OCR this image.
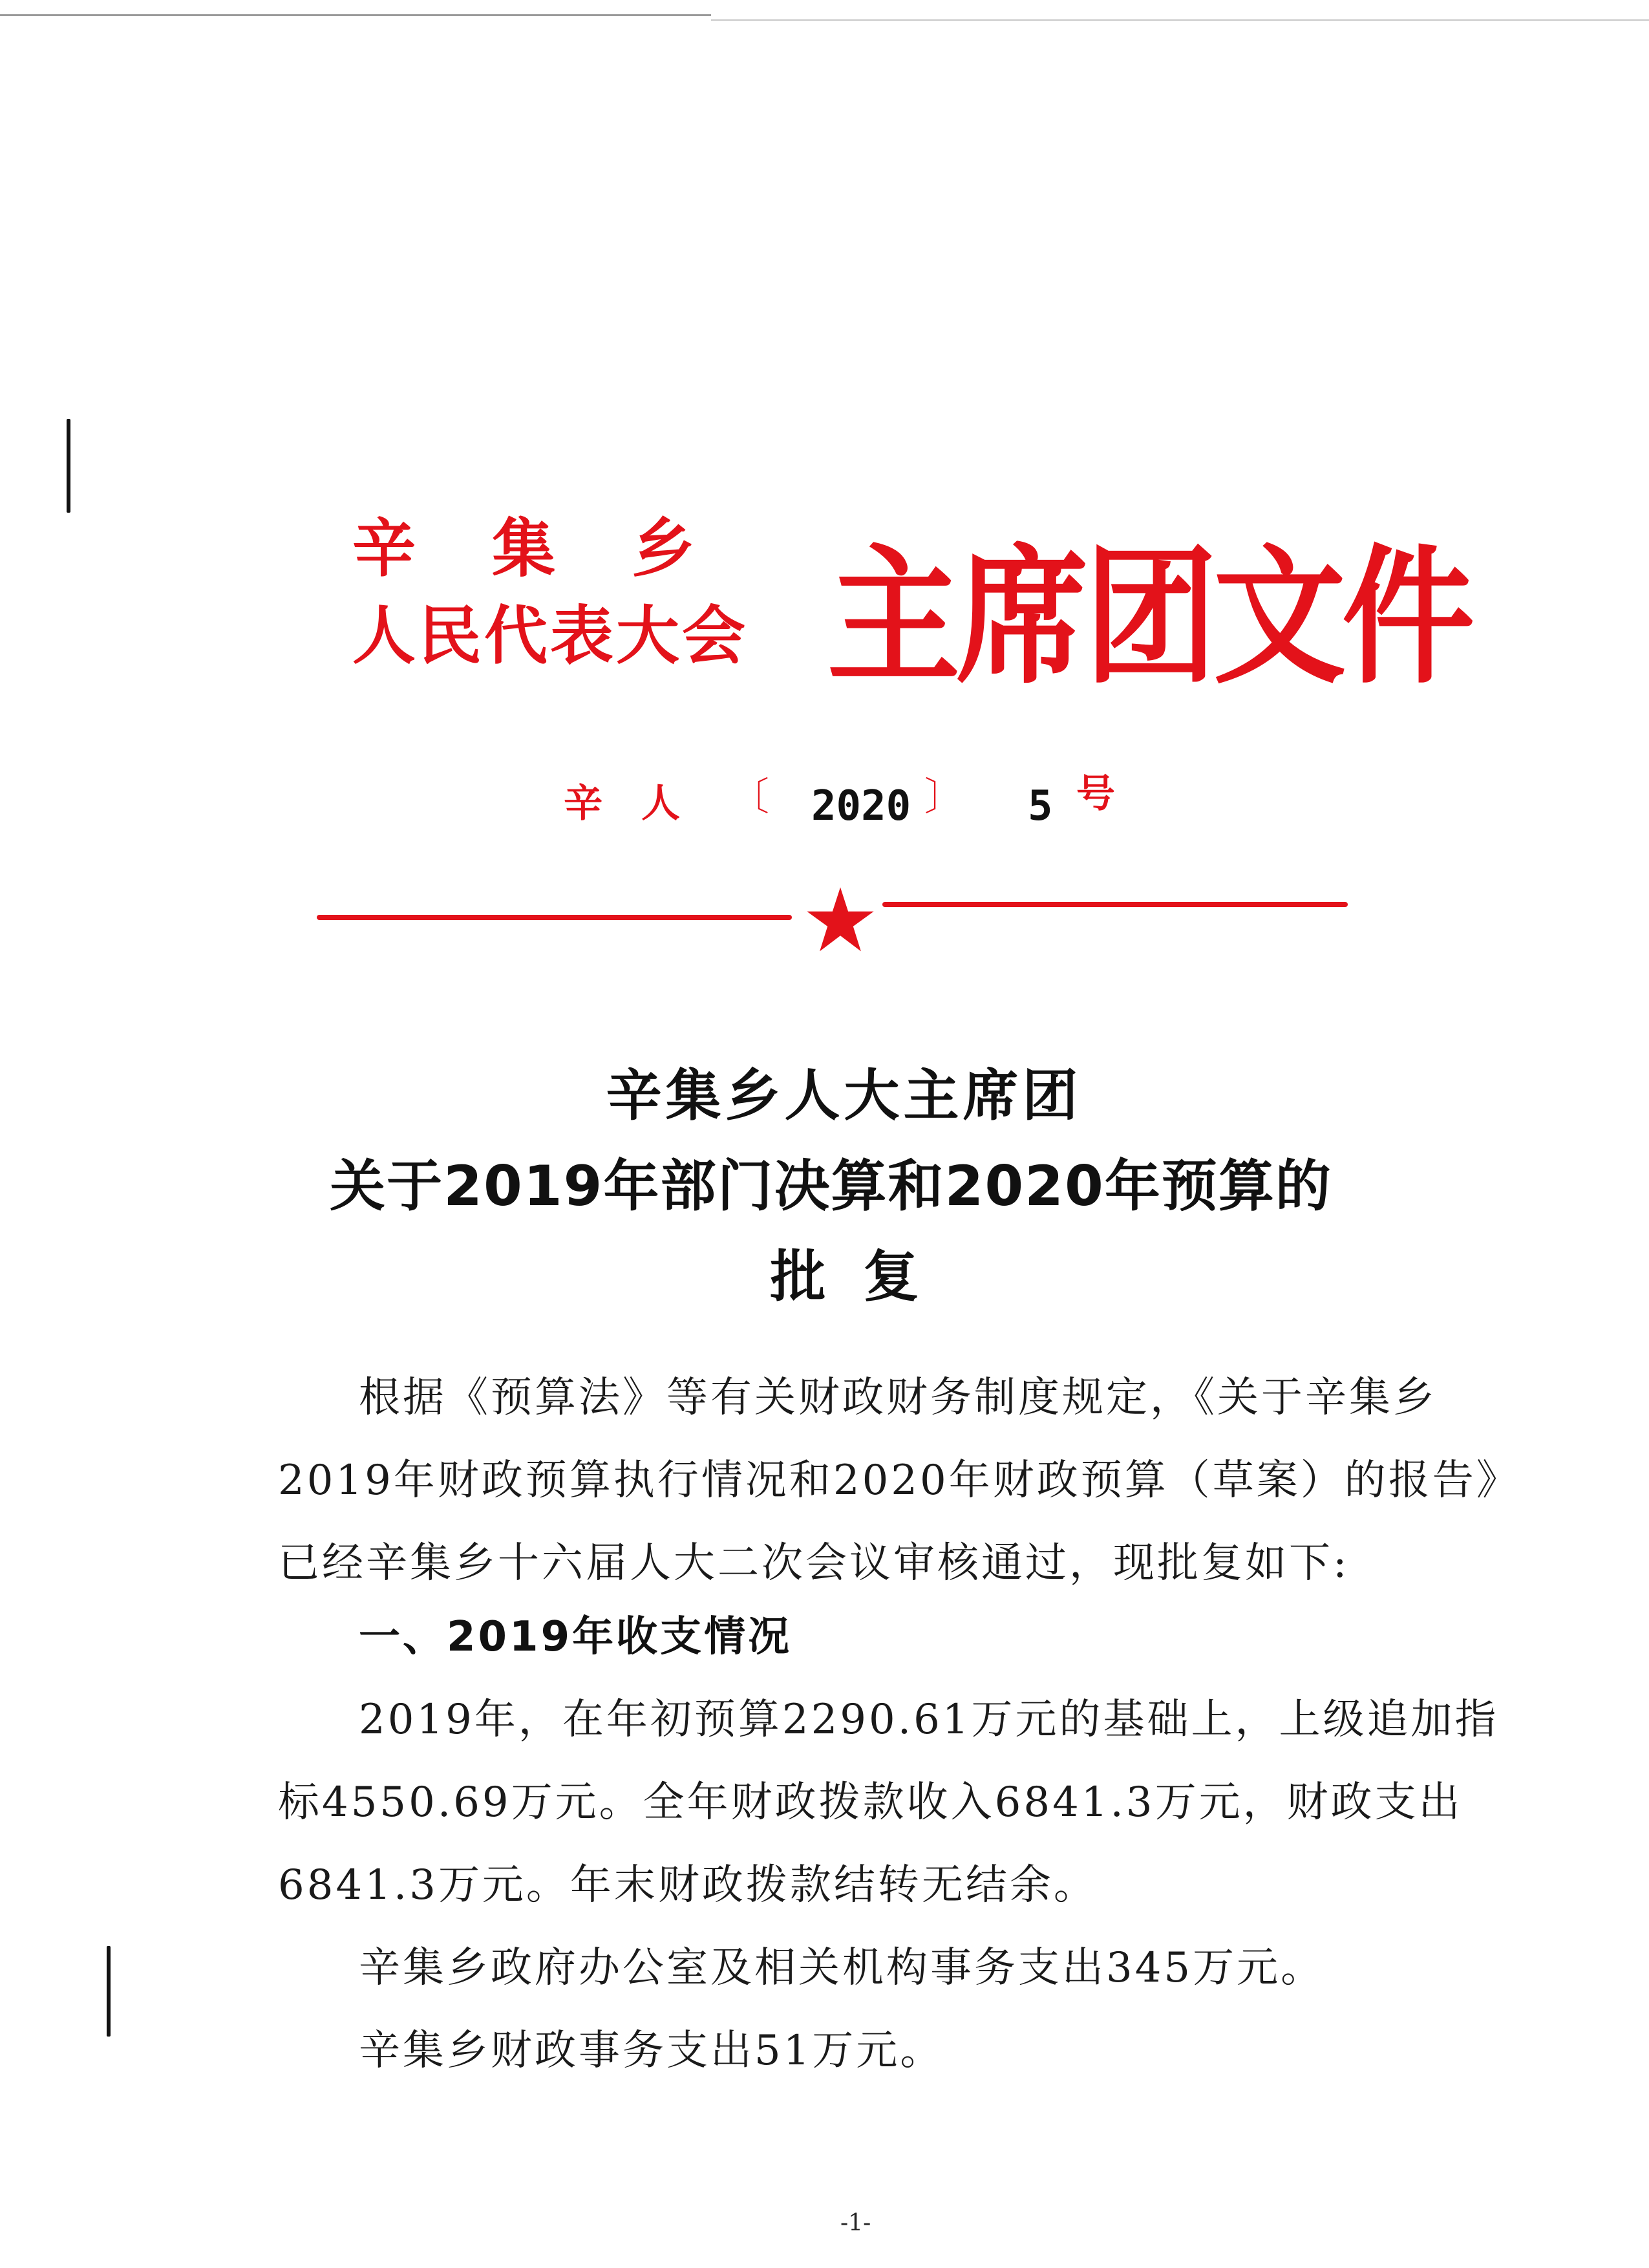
辛集乡
人民代表大会 主席团文件
辛人 〔 2020 〕 5 号
辛集乡人大主席团
关于2019年部门决算和2020年预算的
批复
根据《预算法》等有关财政财务制度规定，《关于辛集乡
2019年财政预算执行情况和2020年财政预算（草案）的报告》
已经辛集乡十六届人大二次会议审核通过，现批复如下:
一、2019年收支情况
2019年，在年初预算2290.61万元的基础上，上级追加指
标4550.69万元。全年财政拨款收入6841.3万元，财政支出
6841.3万元。年末财政拨款结转无结余。
辛集乡政府办公室及相关机构事务支出345万元。
辛集乡财政事务支出51万元。
-1-
